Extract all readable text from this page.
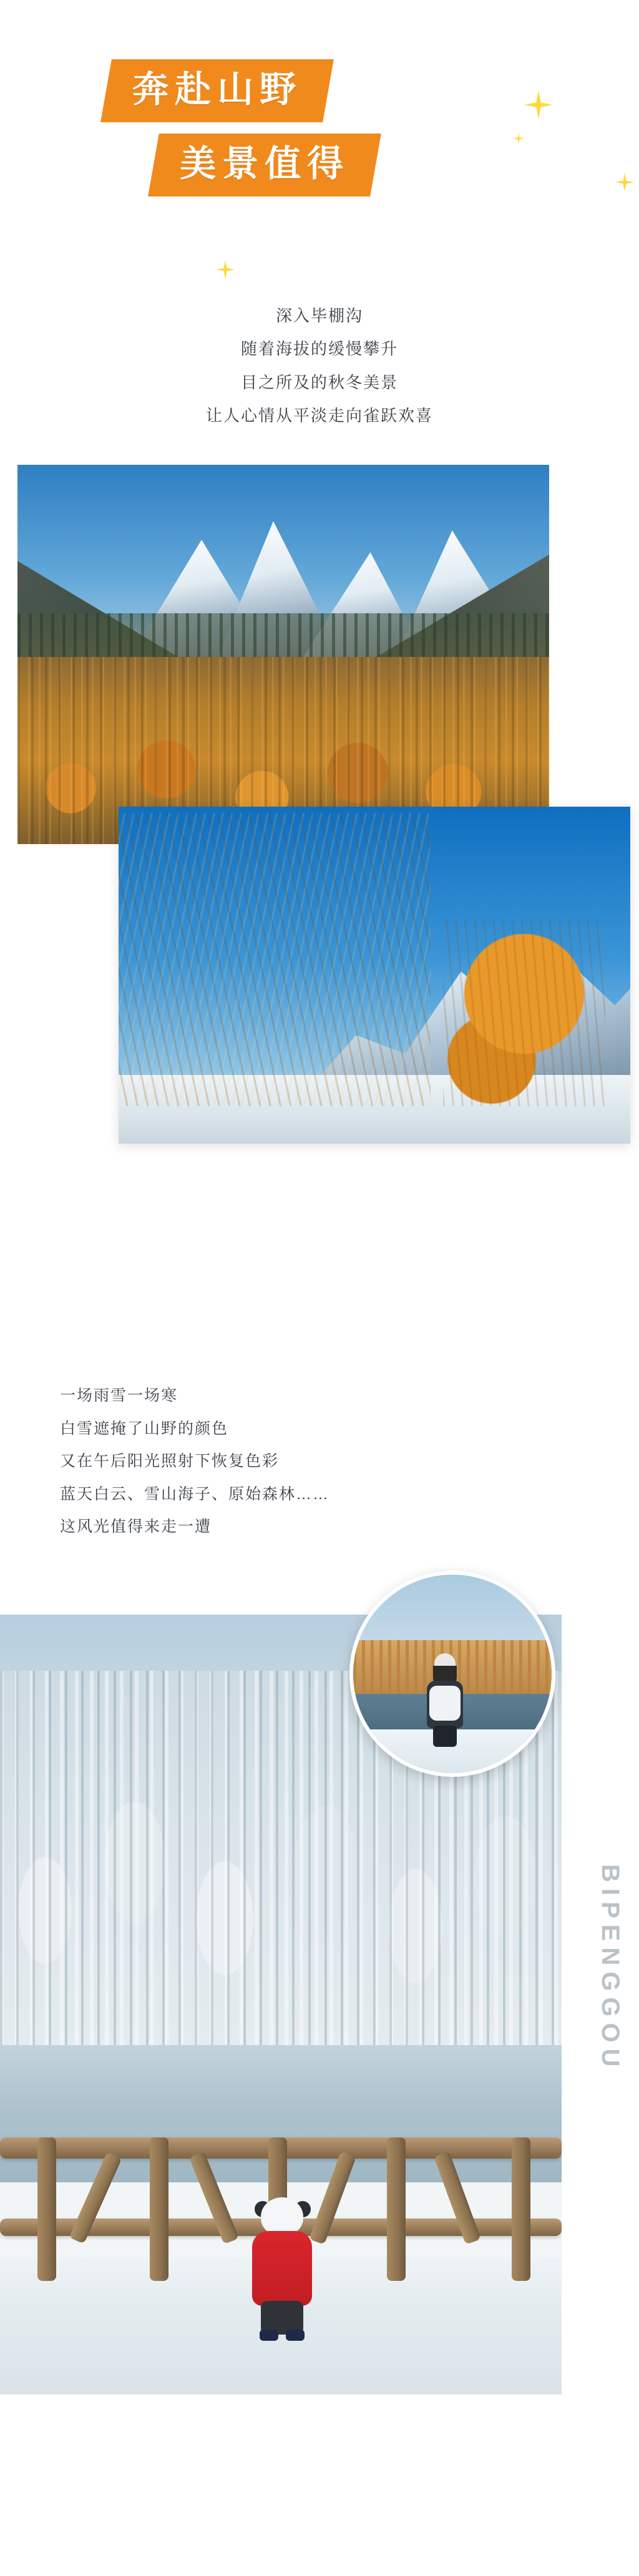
奔赴山野

美景值得

深入毕棚沟

随着海拔的缓慢攀升

目之所及的秋冬美景

让人心情从平淡走向雀跃欢喜

一场雨雪一场寒

白雪遮掩了山野的颜色

又在午后阳光照射下恢复色彩

蓝天白云、雪山海子、原始森林……

这风光值得来走一遭

BIPENGGOU
